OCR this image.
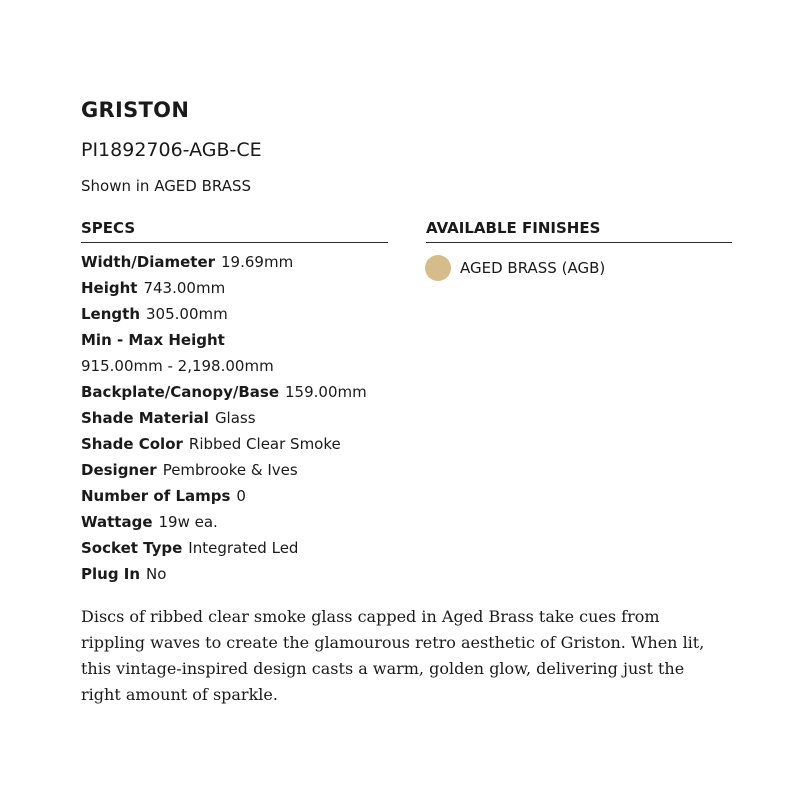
GRISTON
PI1892706-AGB-CE
Shown in AGED BRASS
SPECS	AVAILABLE FINISHES
Width/Diameter 19.69mm
Height 743.00mm
Length 305.00mm
Min - Max Height
915.00mm - 2,198.00mm
Backplate/Canopy/Base 159.00mm
Shade Material Glass
Shade Color Ribbed Clear Smoke
Designer Pembrooke & Ives
Number of Lamps 0
Wattage 19w ea.
Socket Type Integrated Led
Plug In No
AGED BRASS (AGB)

Discs of ribbed clear smoke glass capped in Aged Brass take cues from rippling waves to create the glamourous retro aesthetic of Griston. When lit, this vintage-inspired design casts a warm, golden glow, delivering just the right amount of sparkle.
